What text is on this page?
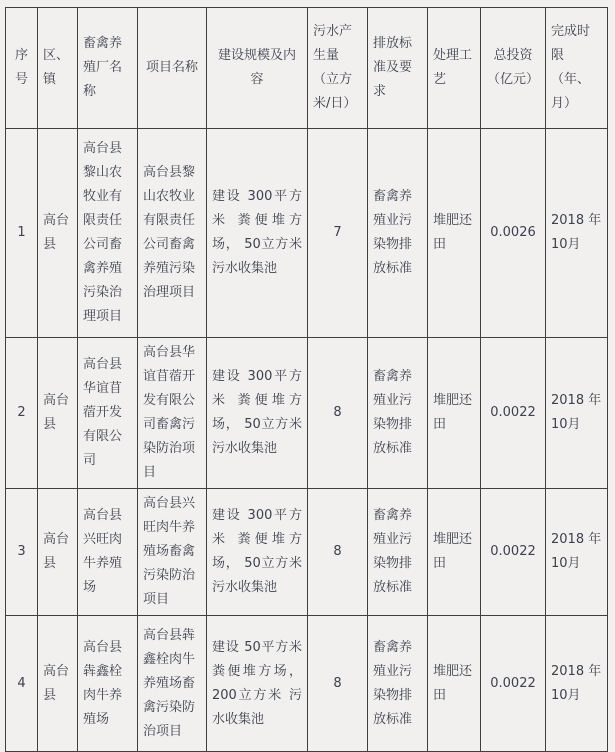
序号	区、镇	畜禽养殖厂名称	项目名称	建设规模及内容	污水产生量（立方米/日）	排放标准及要求	处理工艺	总投资（亿元）	完成时限（年、月）
1	高台县	高台县黎山农牧业有限责任公司畜禽养殖污染治理项目	高台县黎山农牧业有限责任公司畜禽养殖污染治理项目	建设 300平方米 粪便堆方场， 50立方米 污水收集池	7	畜禽养殖业污染物排放标准	堆肥还田	0.0026	2018 年10月
2	高台县	高台县华谊苜蓿开发有限公司	高台县华谊苜蓿开发有限公司畜禽污染防治项目	建设 300平方米 粪便堆方场， 50立方米 污水收集池	8	畜禽养殖业污染物排放标准	堆肥还田	0.0022	2018 年10月
3	高台县	高台县兴旺肉牛养殖场	高台县兴旺肉牛养殖场畜禽污染防治项目	建设 300平方米 粪便堆方场， 50立方米 污水收集池	8	畜禽养殖业污染物排放标准	堆肥还田	0.0022	2018 年10月
4	高台县	高台县犇鑫栓肉牛养殖场	高台县犇鑫栓肉牛养殖场畜禽污染防治项目	建设 50平方米 粪便堆方场， 200立方米 污水收集池	8	畜禽养殖业污染物排放标准	堆肥还田	0.0022	2018 年10月
